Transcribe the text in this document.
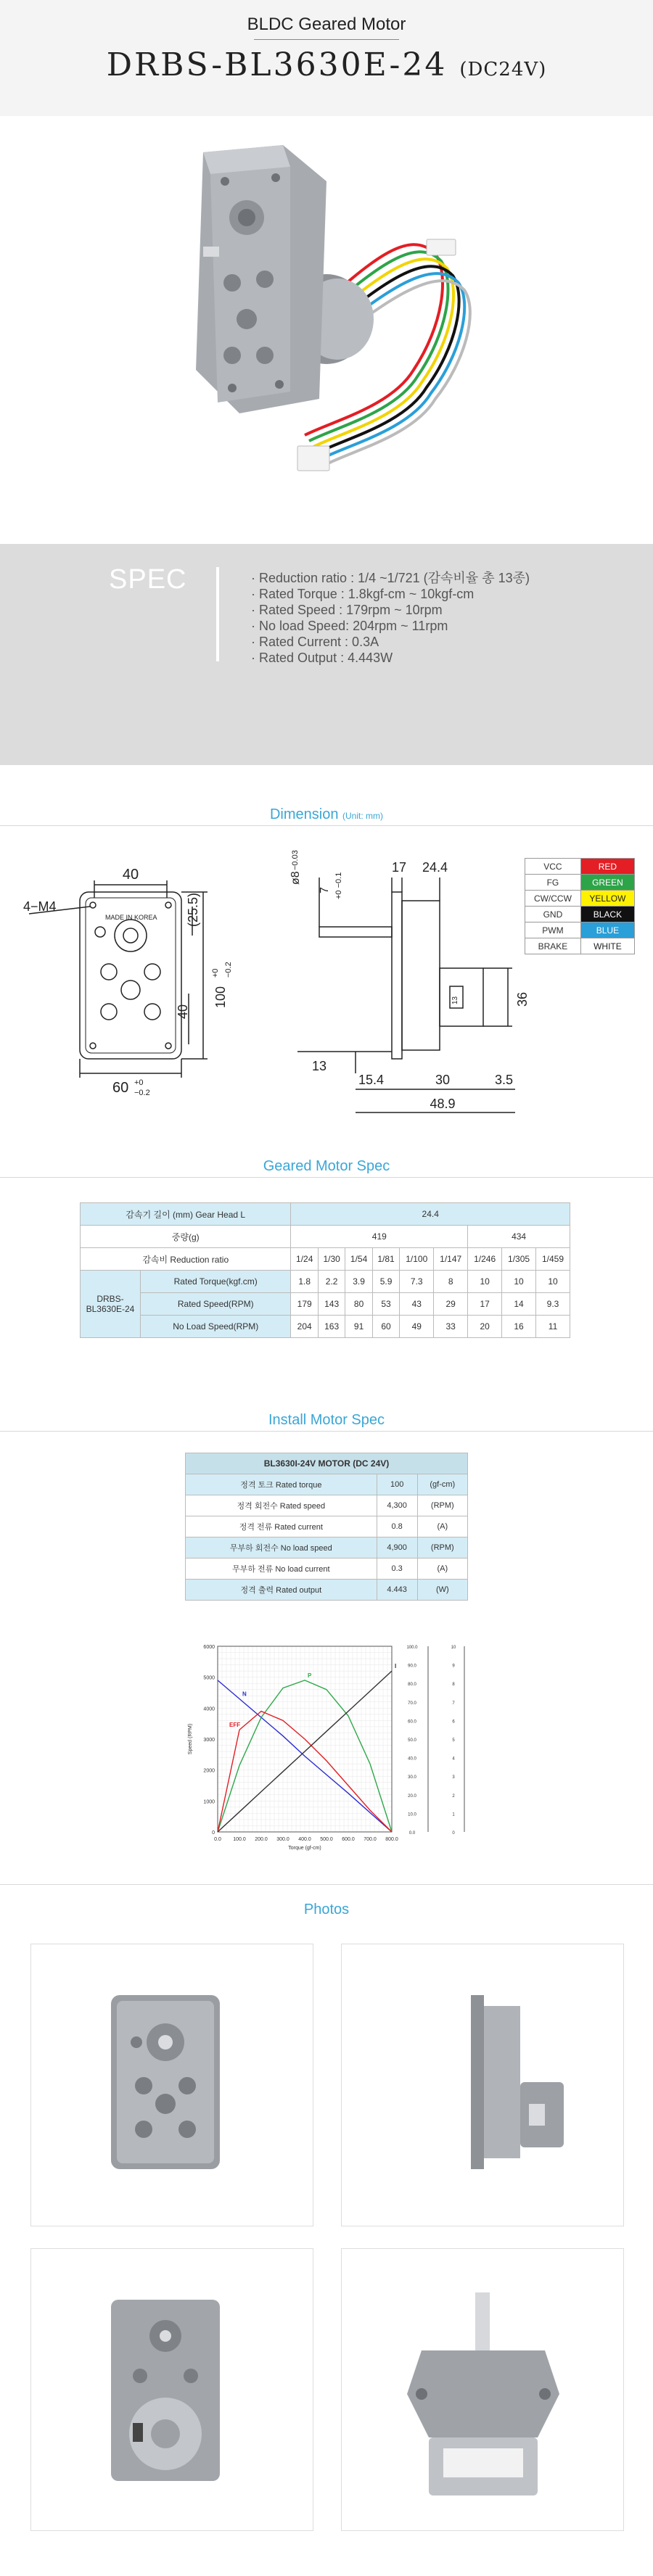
BLDC Geared Motor
DRBS-BL3630E-24 (DC24V)
SPEC	· Reduction ratio : 1/4 ~1/721 (감속비율 총 13종)
· Rated Torque : 1.8kgf-cm ~ 10kgf-cm
· Rated Speed : 179rpm ~ 10rpm
· No load Speed: 204rpm ~ 11rpm
· Rated Current : 0.3A
· Rated Output : 4.443W
Dimension (Unit: mm)
40
4−M4
MADE IN KOREA (25.5)
40
100
+0 −0.2
60 +0
−0.2
ø8
−0.03
7 +0 −0.1
17 24.4
13
13	36
15.4	30	3.5
48.9
VCC	RED
FG	GREEN
CW/CCW	YELLOW
GND	BLACK
PWM	BLUE
BRAKE	WHITE
Geared Motor Spec
감속기 길이 (mm) Gear Head L		24.4								
중량(g)		419						434		
감속비 Reduction ratio		1/24	1/30	1/54	1/81	1/100	1/147	1/246	1/305	1/459
DRBS-BL3630E-24	Rated Torque(kgf.cm)	1.8	2.2	3.9	5.9	7.3	8	10	10	10
	Rated Speed(RPM)	179	143	80	53	43	29	17	14	9.3
	No Load Speed(RPM)	204	163	91	60	49	33	20	16	11
Install Motor Spec
BL3630I-24V MOTOR (DC 24V)		
정격 토크 Rated torque	100	(gf-cm)
정격 회전수 Rated speed	4,300	(RPM)
정격 전류 Rated current	0.8	(A)
무부하 회전수 No load speed	4,900	(RPM)
무부하 전류 No load current	0.3	(A)
정격 출력 Rated output	4.443	(W)
0.0 100.0 200.0 300.0 400.0 500.0 600.0 700.0 800.0
0
1000
2000
3000
4000
5000
6000
0.0
10.0
20.0
30.0
40.0
50.0
60.0
70.0
80.0
90.0
100.0
0
1
2
3
4
5
6
7
8
9
10
Torque (gf-cm)
Speed (RPM)
N
P
EFF
I
Photos
